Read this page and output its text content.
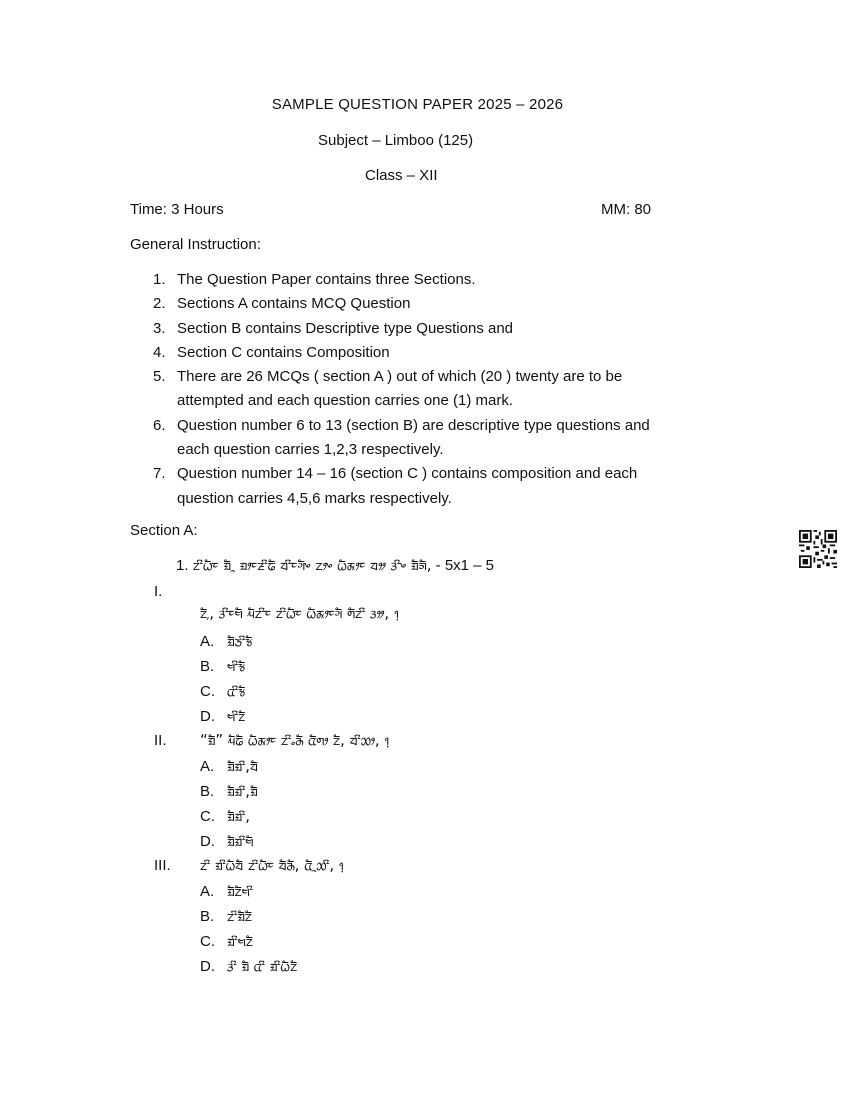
SAMPLE QUESTION PAPER 2025 – 2026
Subject – Limboo (125)
Class – XII
Time: 3 Hours	MM: 80
General Instruction:
1. The Question Paper contains three Sections.
2. Sections A contains MCQ Question
3. Section B contains Descriptive type Questions and
4. Section C contains Composition
5. There are 26 MCQs ( section A ) out of which (20 ) twenty are to be
attempted and each question carries one (1) mark.
6. Question number 6 to 13 (section B) are descriptive type questions and
each question carries 1,2,3 respectively.
7. Question number 14 – 16 (section C ) contains composition and each
question carries 4,5,6 marks respectively.
Section A:
1. ᤁᤡᤐᤠᤰ ᤀᤠᤳ ᤀᤣᤰᤏᤡᤒᤠ ᤔᤡᤰᤆᤠᤴ ᤁᤣᤴ ᤐᤠᤊᤣᤰ ᤔᤤ ᤋᤡᤴ ᤀᤠᤈᤠ, - 5x1 – 5
I.
ᤁᤠ᤹, ᤋᤡᤰᤗᤠ ᤘᤠᤁᤡᤰ ᤁᤡᤐᤠᤰ ᤐᤠᤊᤣᤰᤆᤠ ᤛᤠᤁᤡ ᤋᤤ, ᥄
A. ᤀᤠᤍᤡᤃᤠ
B. ᤗᤡᤃᤠ
C. ᤂᤡᤃᤠ
D. ᤗᤡᤁᤠ
II. “ᤀᤠ” ᤘᤠᤒᤠ ᤐᤠᤊᤣᤰ ᤁᤡᤱᤌᤠ ᤂᤠᤛᤣ ᤁᤠ, ᤔᤡᤑᤣ, ᥄
A. ᤀᤠᤀᤡ,ᤔᤠ
B. ᤀᤠᤀᤡ,ᤀᤠ
C. ᤀᤠᤀᤡ,
D. ᤀᤠᤀᤡᤗᤠ
III. ᤁᤡ ᤀᤡᤐᤠᤔᤠ ᤁᤡᤐᤠᤰ ᤔᤠᤌᤠ, ᤂᤠᤳᤑᤡ, ᥄
A. ᤀᤠᤁᤠᤗᤡ
B. ᤁᤡᤀᤠᤁᤠ
C. ᤀᤡᤗᤁᤠ
D. ᤋᤡ ᤀᤠ ᤂᤡ ᤀᤡᤐᤠᤁᤠ
